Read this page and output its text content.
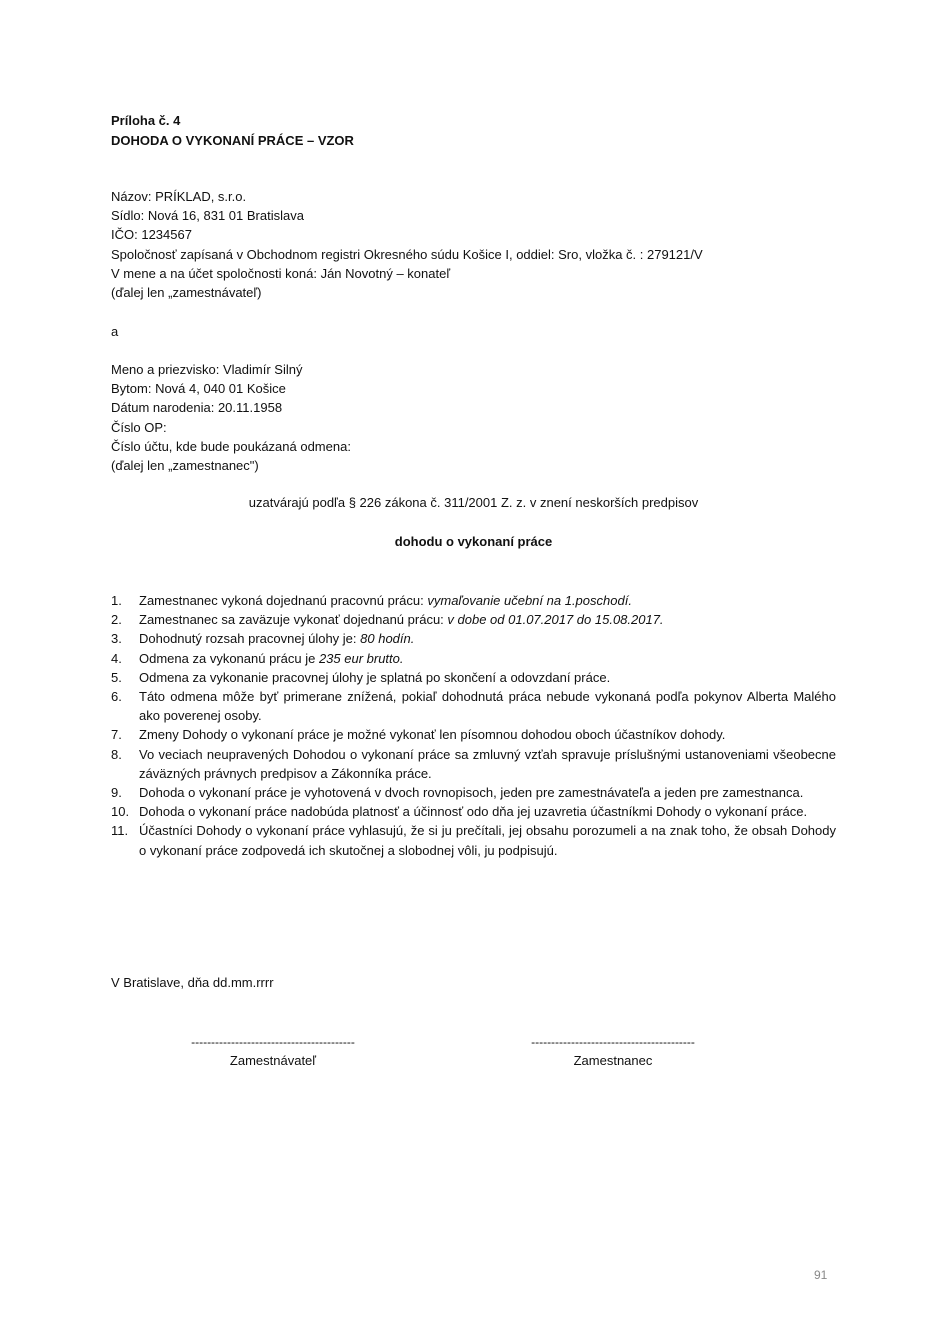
Príloha č. 4
DOHODA O VYKONANÍ PRÁCE – VZOR
Názov: PRÍKLAD, s.r.o.
Sídlo: Nová 16, 831 01 Bratislava
IČO: 1234567
Spoločnosť zapísaná v Obchodnom registri Okresného súdu Košice I, oddiel: Sro, vložka č. : 279121/V
V mene a na účet spoločnosti koná: Ján Novotný – konateľ
(ďalej len „zamestnávateľ)
a
Meno a priezvisko: Vladimír Silný
Bytom: Nová 4, 040 01 Košice
Dátum narodenia: 20.11.1958
Číslo OP:
Číslo účtu, kde bude poukázaná odmena:
(ďalej len „zamestnanec")
uzatvárajú podľa § 226 zákona č. 311/2001 Z. z. v znení neskorších predpisov
dohodu o vykonaní práce
1. Zamestnanec vykoná dojednanú pracovnú prácu: vymaľovanie učební na 1.poschodí.
2. Zamestnanec sa zaväzuje vykonať dojednanú prácu: v dobe od 01.07.2017 do 15.08.2017.
3. Dohodnutý rozsah pracovnej úlohy je: 80 hodín.
4. Odmena za vykonanú prácu je 235 eur brutto.
5. Odmena za vykonanie pracovnej úlohy je splatná po skončení a odovzdaní práce.
6. Táto odmena môže byť primerane znížená, pokiaľ dohodnutá práca nebude vykonaná podľa pokynov Alberta Malého ako poverenej osoby.
7. Zmeny Dohody o vykonaní práce je možné vykonať len písomnou dohodou oboch účastníkov dohody.
8. Vo veciach neupravených Dohodou o vykonaní práce sa zmluvný vzťah spravuje príslušnými ustanoveniami všeobecne záväzných právnych predpisov a Zákonníka práce.
9. Dohoda o vykonaní práce je vyhotovená v dvoch rovnopisoch, jeden pre zamestnávateľa a jeden pre zamestnanca.
10. Dohoda o vykonaní práce nadobúda platnosť a účinnosť odo dňa jej uzavretia účastníkmi Dohody o vykonaní práce.
11. Účastníci Dohody o vykonaní práce vyhlasujú, že si ju prečítali, jej obsahu porozumeli a na znak toho, že obsah Dohody o vykonaní práce zodpovedá ich skutočnej a slobodnej vôli, ju podpisujú.
V Bratislave, dňa dd.mm.rrrr
-----------------------------------------
Zamestnávateľ
-----------------------------------------
Zamestnanec
91
